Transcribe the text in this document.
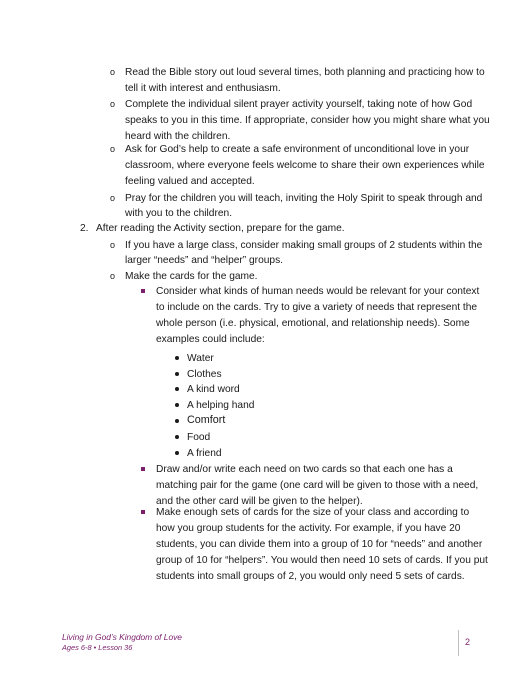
o Read the Bible story out loud several times, both planning and practicing how to
tell it with interest and enthusiasm.
o Complete the individual silent prayer activity yourself, taking note of how God
speaks to you in this time. If appropriate, consider how you might share what you
heard with the children.
o Ask for God’s help to create a safe environment of unconditional love in your
classroom, where everyone feels welcome to share their own experiences while
feeling valued and accepted.
o Pray for the children you will teach, inviting the Holy Spirit to speak through and
with you to the children.
2. After reading the Activity section, prepare for the game.
o If you have a large class, consider making small groups of 2 students within the
larger “needs” and “helper” groups.
o Make the cards for the game.
Consider what kinds of human needs would be relevant for your context
to include on the cards. Try to give a variety of needs that represent the
whole person (i.e. physical, emotional, and relationship needs). Some
examples could include:
Water
Clothes
A kind word
A helping hand
Comfort
Food
A friend
Draw and/or write each need on two cards so that each one has a
matching pair for the game (one card will be given to those with a need,
and the other card will be given to the helper).
Make enough sets of cards for the size of your class and according to
how you group students for the activity. For example, if you have 20
students, you can divide them into a group of 10 for “needs” and another
group of 10 for “helpers”. You would then need 10 sets of cards. If you put
students into small groups of 2, you would only need 5 sets of cards.
Living in God’s Kingdom of Love
Ages 6-8 • Lesson 36
2
